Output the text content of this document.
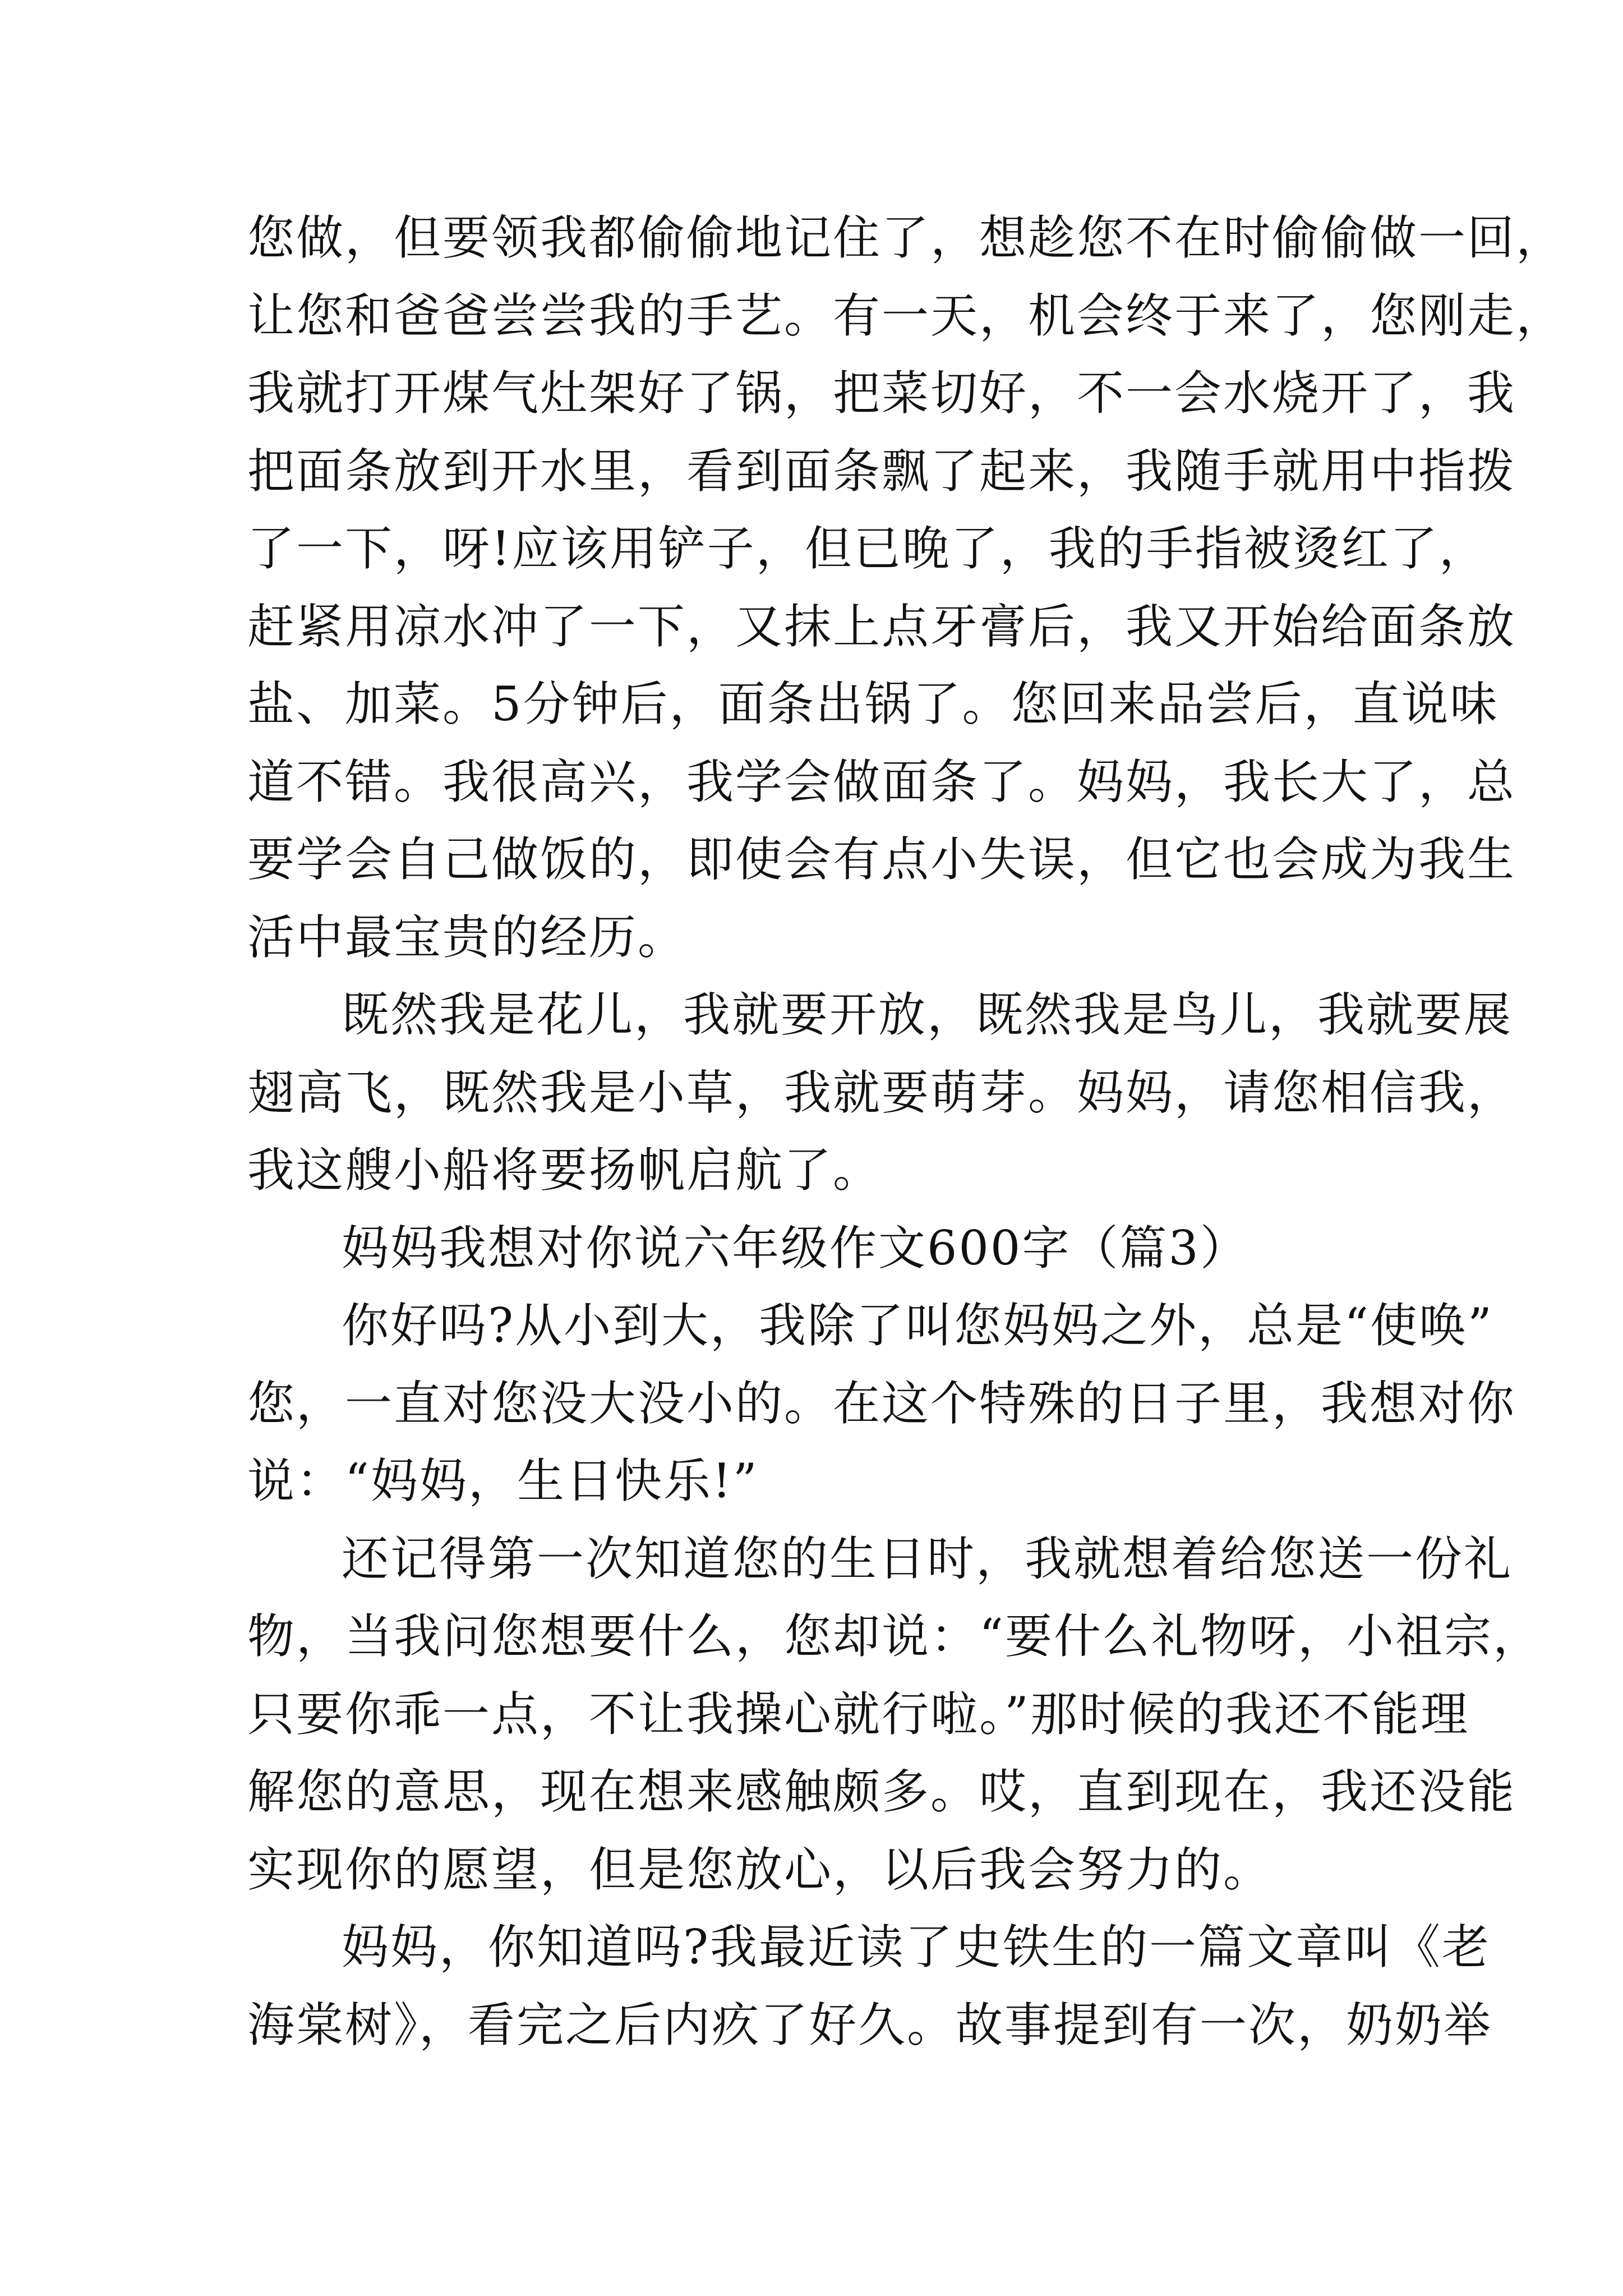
您做，但要领我都偷偷地记住了，想趁您不在时偷偷做一回，
让您和爸爸尝尝我的手艺。有一天，机会终于来了，您刚走，
我就打开煤气灶架好了锅，把菜切好，不一会水烧开了，我
把面条放到开水里，看到面条飘了起来，我随手就用中指拨
了一下，呀!应该用铲子，但已晚了，我的手指被烫红了，
赶紧用凉水冲了一下，又抹上点牙膏后，我又开始给面条放
盐、加菜。5分钟后，面条出锅了。您回来品尝后，直说味
道不错。我很高兴，我学会做面条了。妈妈，我长大了，总
要学会自己做饭的，即使会有点小失误，但它也会成为我生
活中最宝贵的经历。
既然我是花儿，我就要开放，既然我是鸟儿，我就要展
翅高飞，既然我是小草，我就要萌芽。妈妈，请您相信我，
我这艘小船将要扬帆启航了。
妈妈我想对你说六年级作文600字（篇3）
你好吗?从小到大，我除了叫您妈妈之外，总是“使唤”
您，一直对您没大没小的。在这个特殊的日子里，我想对你
说：“妈妈，生日快乐!”
还记得第一次知道您的生日时，我就想着给您送一份礼
物，当我问您想要什么，您却说：“要什么礼物呀，小祖宗，
只要你乖一点，不让我操心就行啦。”那时候的我还不能理
解您的意思，现在想来感触颇多。哎，直到现在，我还没能
实现你的愿望，但是您放心，以后我会努力的。
妈妈，你知道吗?我最近读了史铁生的一篇文章叫《老
海棠树》，看完之后内疚了好久。故事提到有一次，奶奶举
